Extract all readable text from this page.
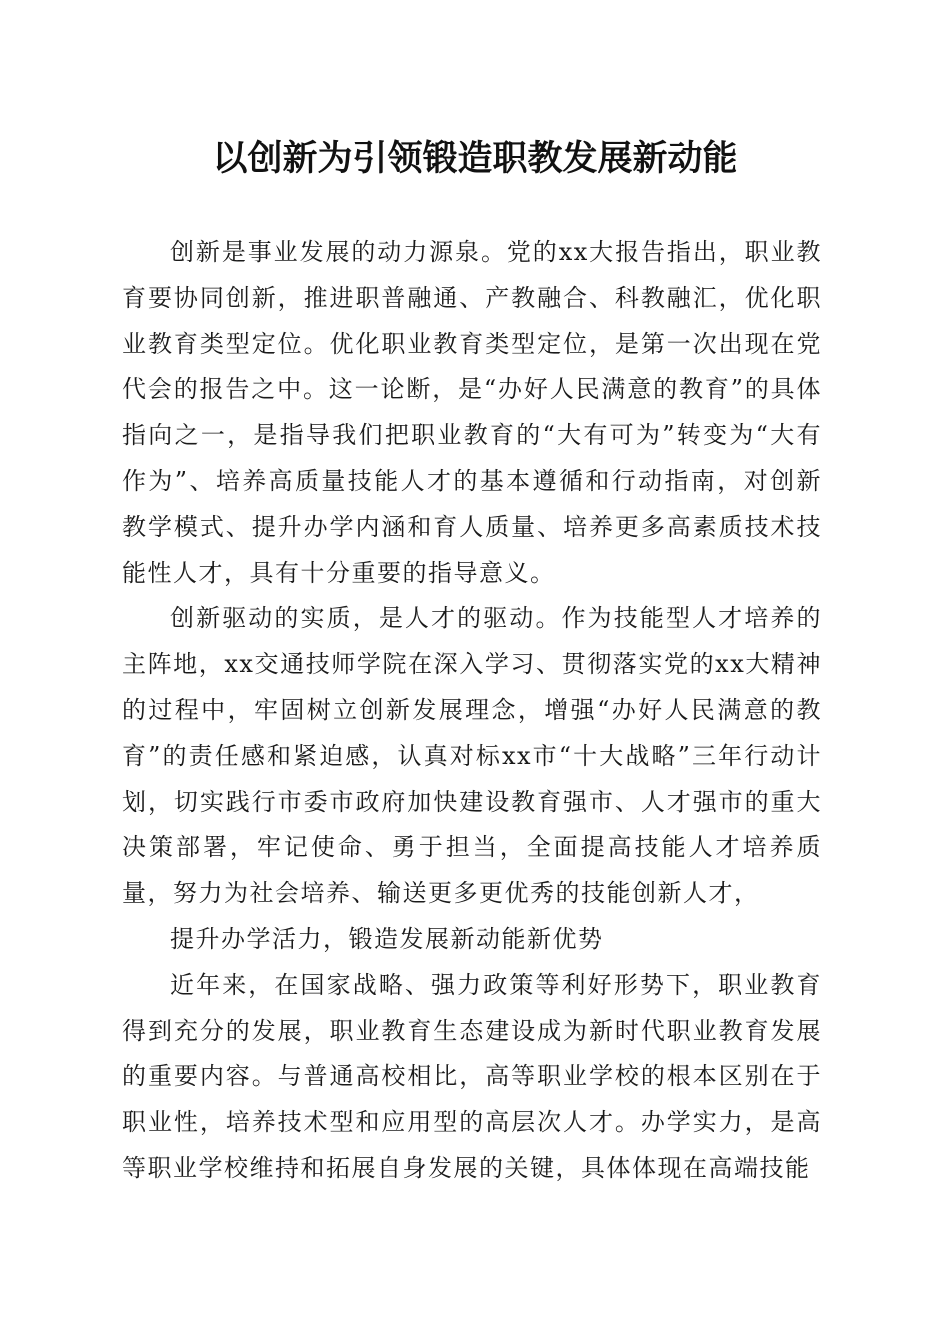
以创新为引领锻造职教发展新动能

创新是事业发展的动力源泉。党的xx大报告指出，职业教育要协同创新，推进职普融通、产教融合、科教融汇，优化职业教育类型定位。优化职业教育类型定位，是第一次出现在党代会的报告之中。这一论断，是“办好人民满意的教育”的具体指向之一，是指导我们把职业教育的“大有可为”转变为“大有作为”、培养高质量技能人才的基本遵循和行动指南，对创新教学模式、提升办学内涵和育人质量、培养更多高素质技术技能性人才，具有十分重要的指导意义。

创新驱动的实质，是人才的驱动。作为技能型人才培养的主阵地，xx交通技师学院在深入学习、贯彻落实党的xx大精神的过程中，牢固树立创新发展理念，增强“办好人民满意的教育”的责任感和紧迫感，认真对标xx市“十大战略”三年行动计划，切实践行市委市政府加快建设教育强市、人才强市的重大决策部署，牢记使命、勇于担当，全面提高技能人才培养质量，努力为社会培养、输送更多更优秀的技能创新人才，

提升办学活力，锻造发展新动能新优势

近年来，在国家战略、强力政策等利好形势下，职业教育得到充分的发展，职业教育生态建设成为新时代职业教育发展的重要内容。与普通高校相比，高等职业学校的根本区别在于职业性，培养技术型和应用型的高层次人才。办学实力，是高等职业学校维持和拓展自身发展的关键，具体体现在高端技能
